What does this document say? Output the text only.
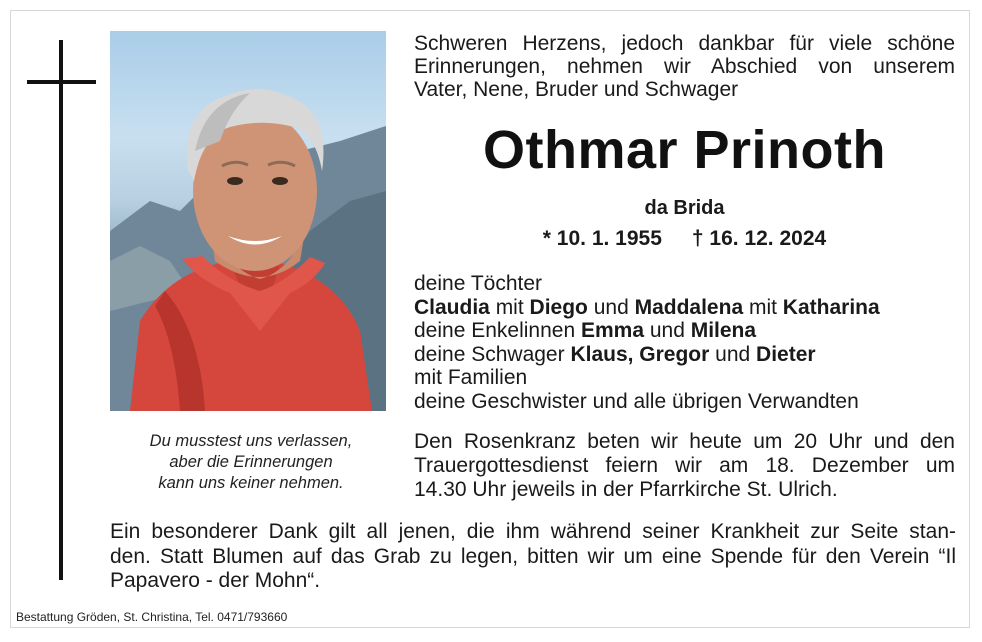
Du musstest uns verlassen,
aber die Erinnerungen
kann uns keiner nehmen.
Schweren Herzens, jedoch dankbar für viele schöne
Erinnerungen, nehmen wir Abschied von unserem
Vater, Nene, Bruder und Schwager
Othmar Prinoth
da Brida
* 10. 1. 1955 † 16. 12. 2024
deine Töchter
Claudia mit Diego und Maddalena mit Katharina
deine Enkelinnen Emma und Milena
deine Schwager Klaus, Gregor und Dieter
mit Familien
deine Geschwister und alle übrigen Verwandten
Den Rosenkranz beten wir heute um 20 Uhr und den
Trauergottesdienst feiern wir am 18. Dezember um
14.30 Uhr jeweils in der Pfarrkirche St. Ulrich.
Ein besonderer Dank gilt all jenen, die ihm während seiner Krankheit zur Seite stan-
den. Statt Blumen auf das Grab zu legen, bitten wir um eine Spende für den Verein “Il
Papavero - der Mohn“.
Bestattung Gröden, St. Christina, Tel. 0471/793660
